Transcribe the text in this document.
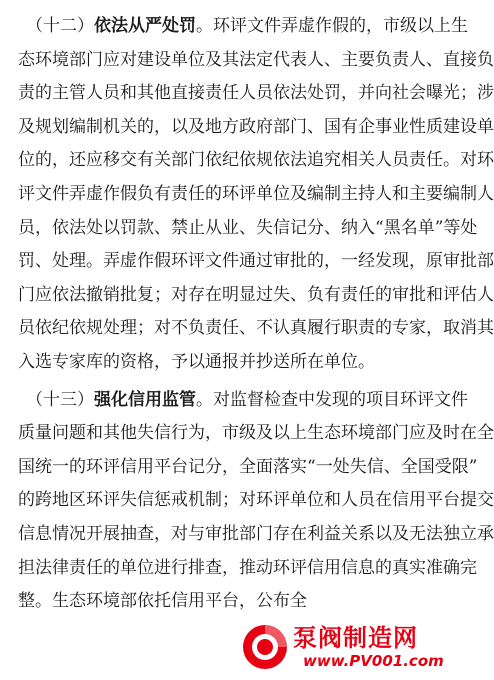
（十二）依法从严处罚。环评文件弄虚作假的，市级以上生
态环境部门应对建设单位及其法定代表人、主要负责人、直接负
责的主管人员和其他直接责任人员依法处罚，并向社会曝光；涉
及规划编制机关的，以及地方政府部门、国有企事业性质建设单
位的，还应移交有关部门依纪依规依法追究相关人员责任。对环
评文件弄虚作假负有责任的环评单位及编制主持人和主要编制人
员，依法处以罚款、禁止从业、失信记分、纳入“黑名单”等处
罚、处理。弄虚作假环评文件通过审批的，一经发现，原审批部
门应依法撤销批复；对存在明显过失、负有责任的审批和评估人
员依纪依规处理；对不负责任、不认真履行职责的专家，取消其
入选专家库的资格，予以通报并抄送所在单位。
（十三）强化信用监管。对监督检查中发现的项目环评文件
质量问题和其他失信行为，市级及以上生态环境部门应及时在全
国统一的环评信用平台记分，全面落实“一处失信、全国受限”
的跨地区环评失信惩戒机制；对环评单位和人员在信用平台提交
信息情况开展抽查，对与审批部门存在利益关系以及无法独立承
担法律责任的单位进行排查，推动环评信用信息的真实准确完
整。生态环境部依托信用平台，公布全
泵阀制造网
www.PV001.com
